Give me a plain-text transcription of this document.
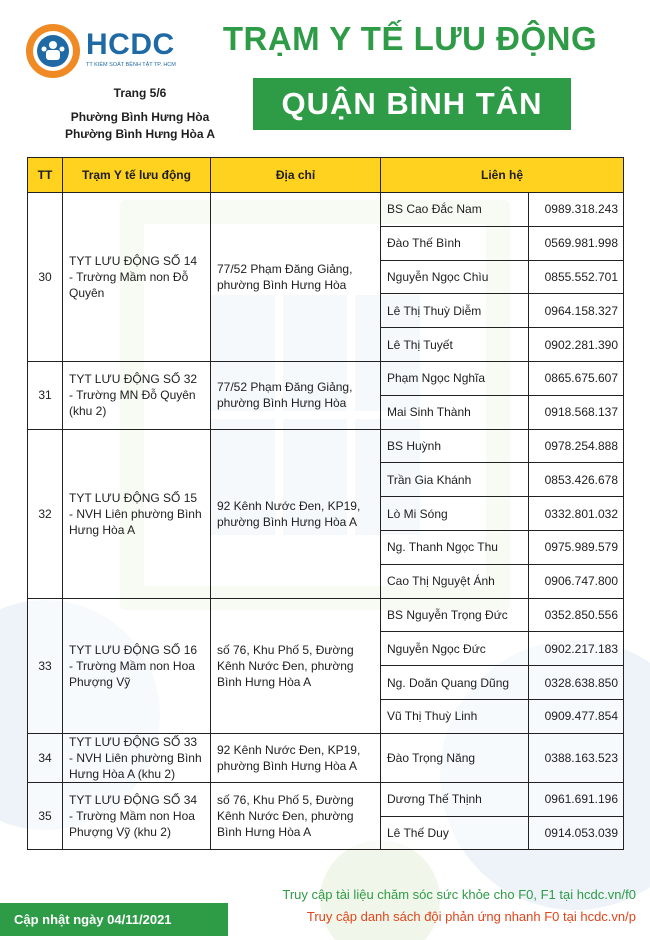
HCDC
TT KIỂM SOÁT BỆNH TẬT TP. HCM
TRẠM Y TẾ LƯU ĐỘNG
QUẬN BÌNH TÂN
Trang 5/6
Phường Bình Hưng Hòa
Phường Bình Hưng Hòa A
TT	Trạm Y tế lưu động	Địa chỉ	Liên hệ	
30	TYT LƯU ĐỘNG SỐ 14 - Trường Mầm non Đỗ Quyên	77/52 Phạm Đăng Giảng, phường Bình Hưng Hòa	BS Cao Đắc Nam	0989.318.243
			Đào Thế Bình	0569.981.998
			Nguyễn Ngọc Chìu	0855.552.701
			Lê Thị Thuỳ Diễm	0964.158.327
			Lê Thị Tuyết	0902.281.390
31	TYT LƯU ĐỘNG SỐ 32 - Trường MN Đỗ Quyên (khu 2)	77/52 Phạm Đăng Giảng, phường Bình Hưng Hòa	Phạm Ngọc Nghĩa	0865.675.607
			Mai Sinh Thành	0918.568.137
32	TYT LƯU ĐỘNG SỐ 15 - NVH Liên phường Bình Hưng Hòa A	92 Kênh Nước Đen, KP19, phường Bình Hưng Hòa A	BS Huỳnh	0978.254.888
			Trần Gia Khánh	0853.426.678
			Lò Mi Sóng	0332.801.032
			Ng. Thanh Ngọc Thu	0975.989.579
			Cao Thị Nguyệt Ánh	0906.747.800
33	TYT LƯU ĐỘNG SỐ 16 - Trường Mầm non Hoa Phượng Vỹ	số 76, Khu Phố 5, Đường Kênh Nước Đen, phường Bình Hưng Hòa A	BS Nguyễn Trọng Đức	0352.850.556
			Nguyễn Ngọc Đức	0902.217.183
			Ng. Doãn Quang Dũng	0328.638.850
			Vũ Thị Thuỳ Linh	0909.477.854
34	TYT LƯU ĐỘNG SỐ 33 - NVH Liên phường Bình Hưng Hòa A (khu 2)	92 Kênh Nước Đen, KP19, phường Bình Hưng Hòa A	Đào Trọng Năng	0388.163.523
35	TYT LƯU ĐỘNG SỐ 34 - Trường Mầm non Hoa Phượng Vỹ (khu 2)	số 76, Khu Phố 5, Đường Kênh Nước Đen, phường Bình Hưng Hòa A	Dương Thế Thịnh	0961.691.196
			Lê Thế Duy	0914.053.039
Truy cập tài liệu chăm sóc sức khỏe cho F0, F1 tại hcdc.vn/f0
Truy cập danh sách đội phản ứng nhanh F0 tại hcdc.vn/p
Cập nhật ngày 04/11/2021
